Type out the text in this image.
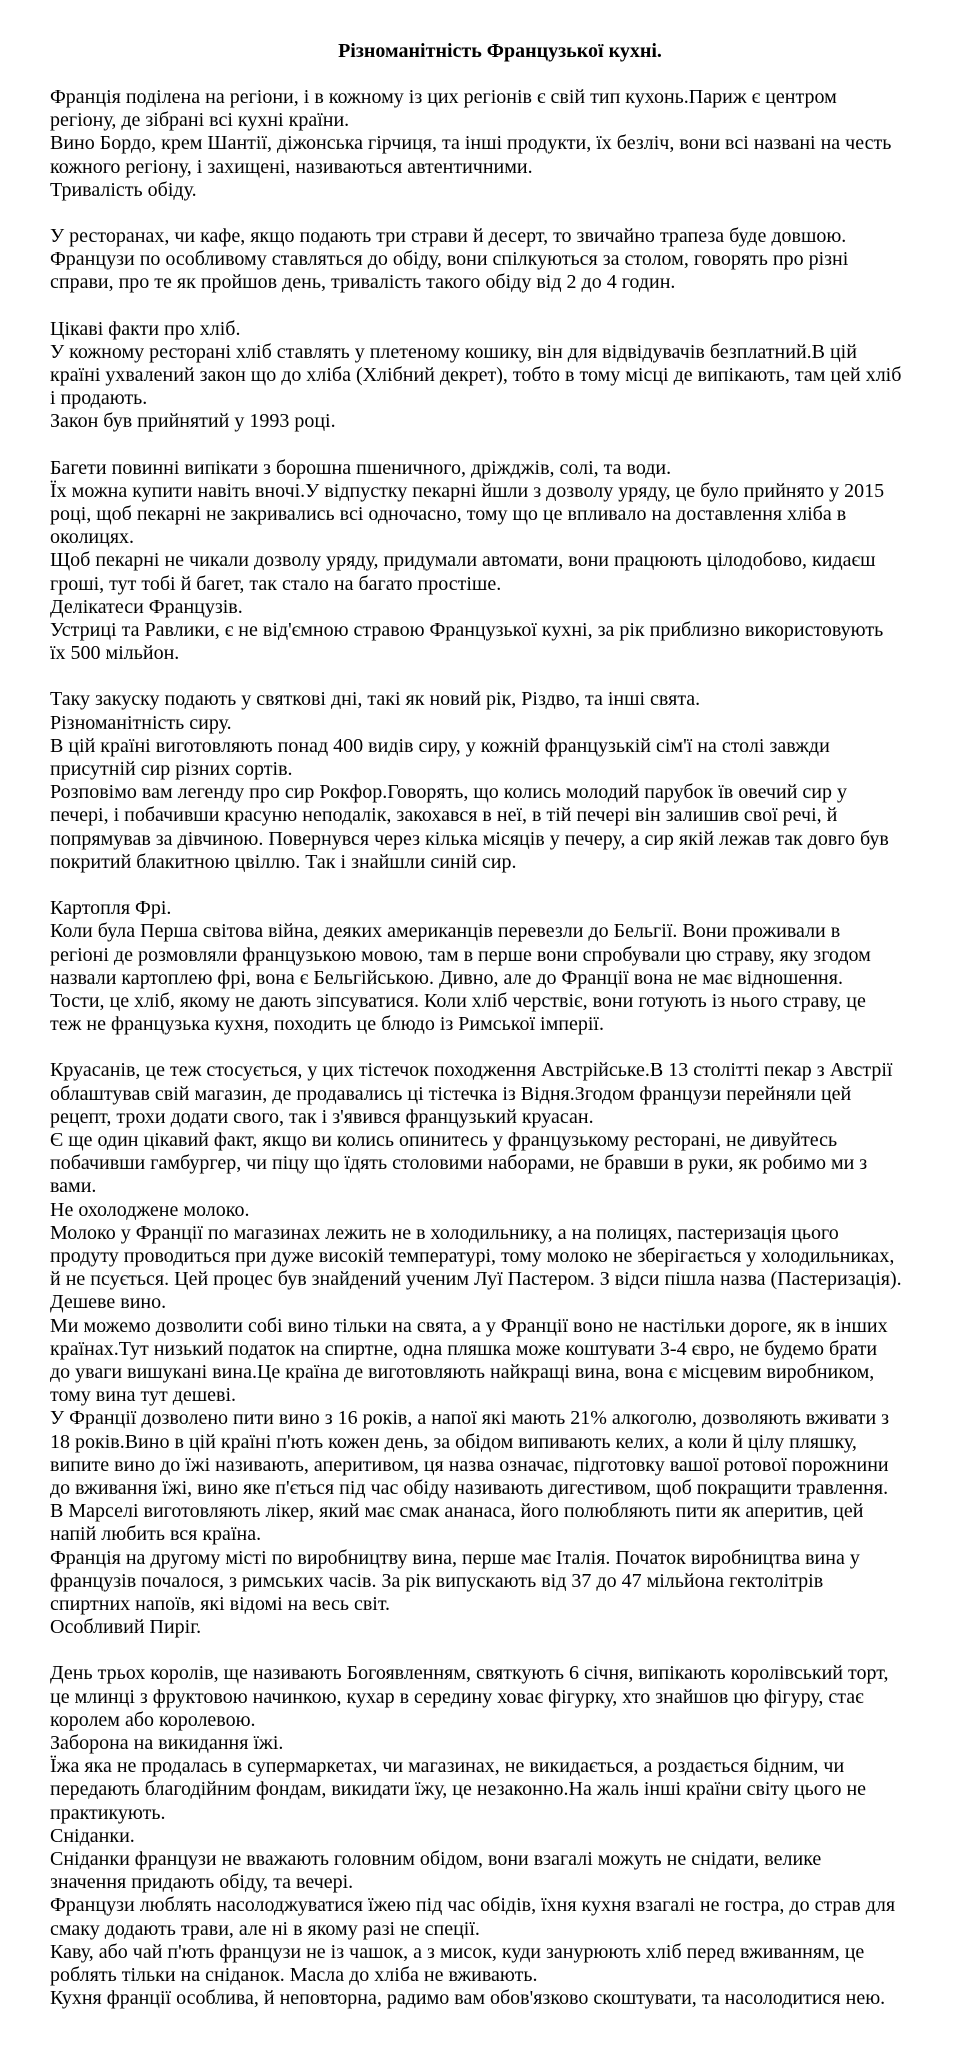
Різноманітність Французької кухні.
Франція поділена на регіони, і в кожному із цих регіонів є свій тип кухонь.Париж є центром
регіону, де зібрані всі кухні країни.
Вино Бордо, крем Шантії, діжонська гірчиця, та інші продукти, їх безліч, вони всі названі на честь
кожного регіону, і захищені, називаються автентичними.
Тривалість обіду.
У ресторанах, чи кафе, якщо подають три страви й десерт, то звичайно трапеза буде довшою.
Французи по особливому ставляться до обіду, вони спілкуються за столом, говорять про різні
справи, про те як пройшов день, тривалість такого обіду від 2 до 4 годин.
Цікаві факти про хліб.
У кожному ресторані хліб ставлять у плетеному кошику, він для відвідувачів безплатний.В цій
країні ухвалений закон що до хліба (Хлібний декрет), тобто в тому місці де випікають, там цей хліб
і продають.
Закон був прийнятий у 1993 році.
Багети повинні випікати з борошна пшеничного, дріжджів, солі, та води.
Їх можна купити навіть вночі.У відпустку пекарні йшли з дозволу уряду, це було прийнято у 2015
році, щоб пекарні не закривались всі одночасно, тому що це впливало на доставлення хліба в
околицях.
Щоб пекарні не чикали дозволу уряду, придумали автомати, вони працюють цілодобово, кидаєш
гроші, тут тобі й багет, так стало на багато простіше.
Делікатеси Французів.
Устриці та Равлики, є не від'ємною стравою Французької кухні, за рік приблизно використовують
їх 500 мільйон.
Таку закуску подають у святкові дні, такі як новий рік, Різдво, та інші свята.
Різноманітність сиру.
В цій країні виготовляють понад 400 видів сиру, у кожній французькій сім'ї на столі завжди
присутній сир різних сортів.
Розповімо вам легенду про сир Рокфор.Говорять, що колись молодий парубок їв овечий сир у
печері, і побачивши красуню неподалік, закохався в неї, в тій печері він залишив свої речі, й
попрямував за дівчиною. Повернувся через кілька місяців у печеру, а сир якій лежав так довго був
покритий блакитною цвіллю. Так і знайшли синій сир.
Картопля Фрі.
Коли була Перша світова війна, деяких американців перевезли до Бельгії. Вони проживали в
регіоні де розмовляли французькою мовою, там в перше вони спробували цю страву, яку згодом
назвали картоплею фрі, вона є Бельгійською. Дивно, але до Франції вона не має відношення.
Тости, це хліб, якому не дають зіпсуватися. Коли хліб черствіє, вони готують із нього страву, це
теж не французька кухня, походить це блюдо із Римської імперії.
Круасанів, це теж стосується, у цих тістечок походження Австрійське.В 13 столітті пекар з Австрії
облаштував свій магазин, де продавались ці тістечка із Відня.Згодом французи перейняли цей
рецепт, трохи додати свого, так і з'явився французький круасан.
Є ще один цікавий факт, якщо ви колись опинитесь у французькому ресторані, не дивуйтесь
побачивши гамбургер, чи піцу що їдять столовими наборами, не бравши в руки, як робимо ми з
вами.
Не охолоджене молоко.
Молоко у Франції по магазинах лежить не в холодильнику, а на полицях, пастеризація цього
продуту проводиться при дуже високій температурі, тому молоко не зберігається у холодильниках,
й не псується. Цей процес був знайдений ученим Луї Пастером. З відси пішла назва (Пастеризація).
Дешеве вино.
Ми можемо дозволити собі вино тільки на свята, а у Франції воно не настільки дороге, як в інших
країнах.Тут низький податок на спиртне, одна пляшка може коштувати 3-4 євро, не будемо брати
до уваги вишукані вина.Це країна де виготовляють найкращі вина, вона є місцевим виробником,
тому вина тут дешеві.
У Франції дозволено пити вино з 16 років, а напої які мають 21% алкоголю, дозволяють вживати з
18 років.Вино в цій країні п'ють кожен день, за обідом випивають келих, а коли й цілу пляшку,
випите вино до їжі називають, аперитивом, ця назва означає, підготовку вашої ротової порожнини
до вживання їжі, вино яке п'ється під час обіду називають дигестивом, щоб покращити травлення.
В Марселі виготовляють лікер, який має смак ананаса, його полюбляють пити як аперитив, цей
напій любить вся країна.
Франція на другому місті по виробництву вина, перше має Італія. Початок виробництва вина у
французів почалося, з римських часів. За рік випускають від 37 до 47 мільйона гектолітрів
спиртних напоїв, які відомі на весь світ.
Особливий Пиріг.
День трьох королів, ще називають Богоявленням, святкують 6 січня, випікають королівський торт,
це млинці з фруктовою начинкою, кухар в середину ховає фігурку, хто знайшов цю фігуру, стає
королем або королевою.
Заборона на викидання їжі.
Їжа яка не продалась в супермаркетах, чи магазинах, не викидається, а роздається бідним, чи
передають благодійним фондам, викидати їжу, це незаконно.На жаль інші країни світу цього не
практикують.
Сніданки.
Сніданки французи не вважають головним обідом, вони взагалі можуть не снідати, велике
значення придають обіду, та вечері.
Французи люблять насолоджуватися їжею під час обідів, їхня кухня взагалі не гостра, до страв для
смаку додають трави, але ні в якому разі не спеції.
Каву, або чай п'ють французи не із чашок, а з мисок, куди занурюють хліб перед вживанням, це
роблять тільки на сніданок. Масла до хліба не вживають.
Кухня франції особлива, й неповторна, радимо вам обов'язково скоштувати, та насолодитися нею.
